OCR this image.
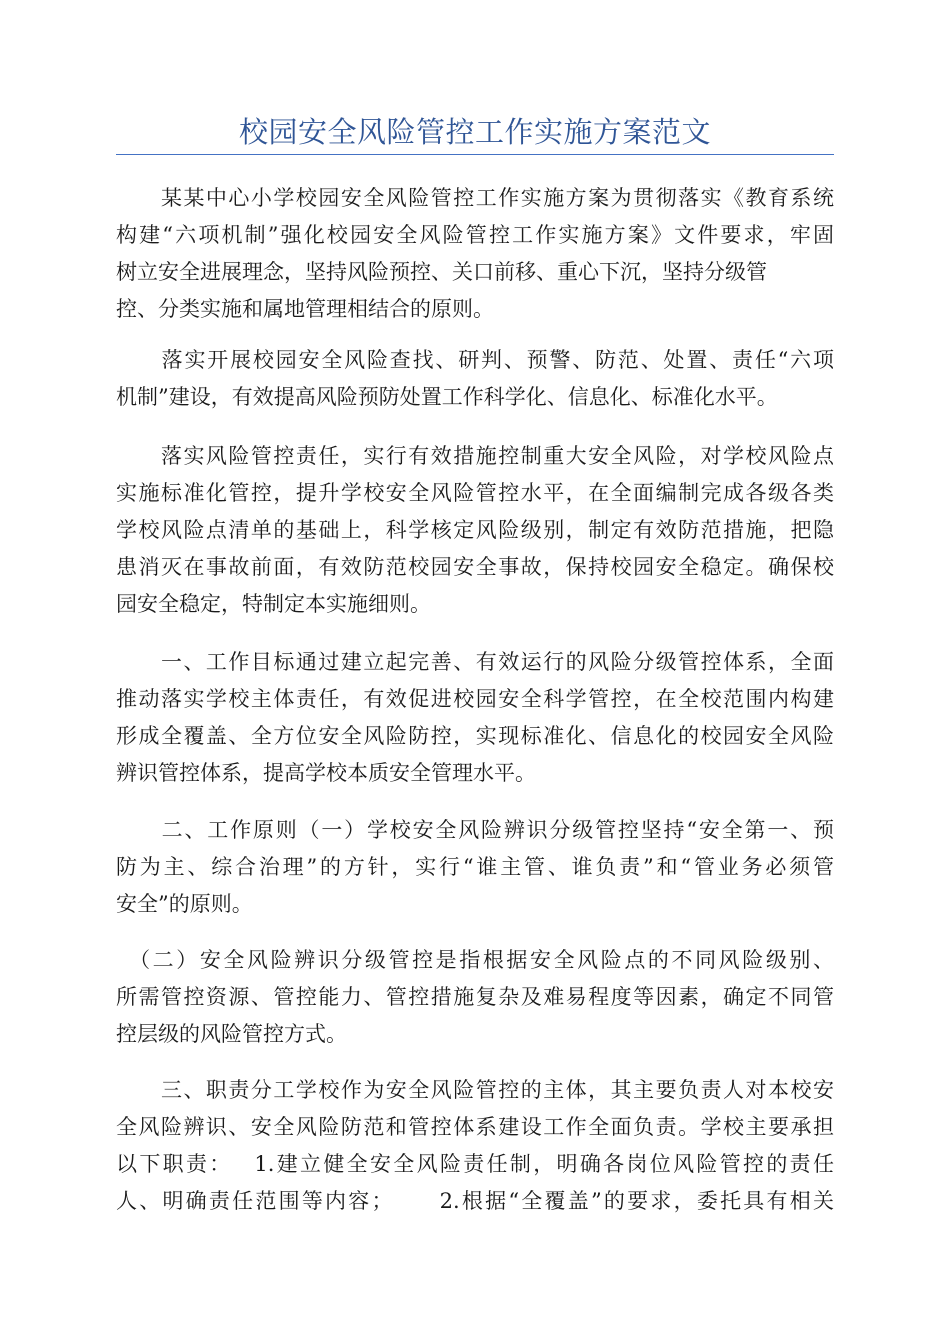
校园安全风险管控工作实施方案范文
　　某某中心小学校园安全风险管控工作实施方案为贯彻落实《教育系统
构建“六项机制”强化校园安全风险管控工作实施方案》文件要求，牢固
树立安全进展理念，坚持风险预控、关口前移、重心下沉，坚持分级管
控、分类实施和属地管理相结合的原则。
　　落实开展校园安全风险查找、研判、预警、防范、处置、责任“六项
机制”建设，有效提高风险预防处置工作科学化、信息化、标准化水平。
　　落实风险管控责任，实行有效措施控制重大安全风险，对学校风险点
实施标准化管控，提升学校安全风险管控水平，在全面编制完成各级各类
学校风险点清单的基础上，科学核定风险级别，制定有效防范措施，把隐
患消灭在事故前面，有效防范校园安全事故，保持校园安全稳定。确保校
园安全稳定，特制定本实施细则。
　　一、工作目标通过建立起完善、有效运行的风险分级管控体系，全面
推动落实学校主体责任，有效促进校园安全科学管控，在全校范围内构建
形成全覆盖、全方位安全风险防控，实现标准化、信息化的校园安全风险
辨识管控体系，提高学校本质安全管理水平。
　　二、工作原则（一）学校安全风险辨识分级管控坚持“安全第一、预
防为主、综合治理”的方针，实行“谁主管、谁负责”和“管业务必须管
安全”的原则。
　（二）安全风险辨识分级管控是指根据安全风险点的不同风险级别、
所需管控资源、管控能力、管控措施复杂及难易程度等因素，确定不同管
控层级的风险管控方式。
　　三、职责分工学校作为安全风险管控的主体，其主要负责人对本校安
全风险辨识、安全风险防范和管控体系建设工作全面负责。学校主要承担
以下职责：　 1.建立健全安全风险责任制，明确各岗位风险管控的责任
人、明确责任范围等内容；　　 2.根据“全覆盖”的要求，委托具有相关
